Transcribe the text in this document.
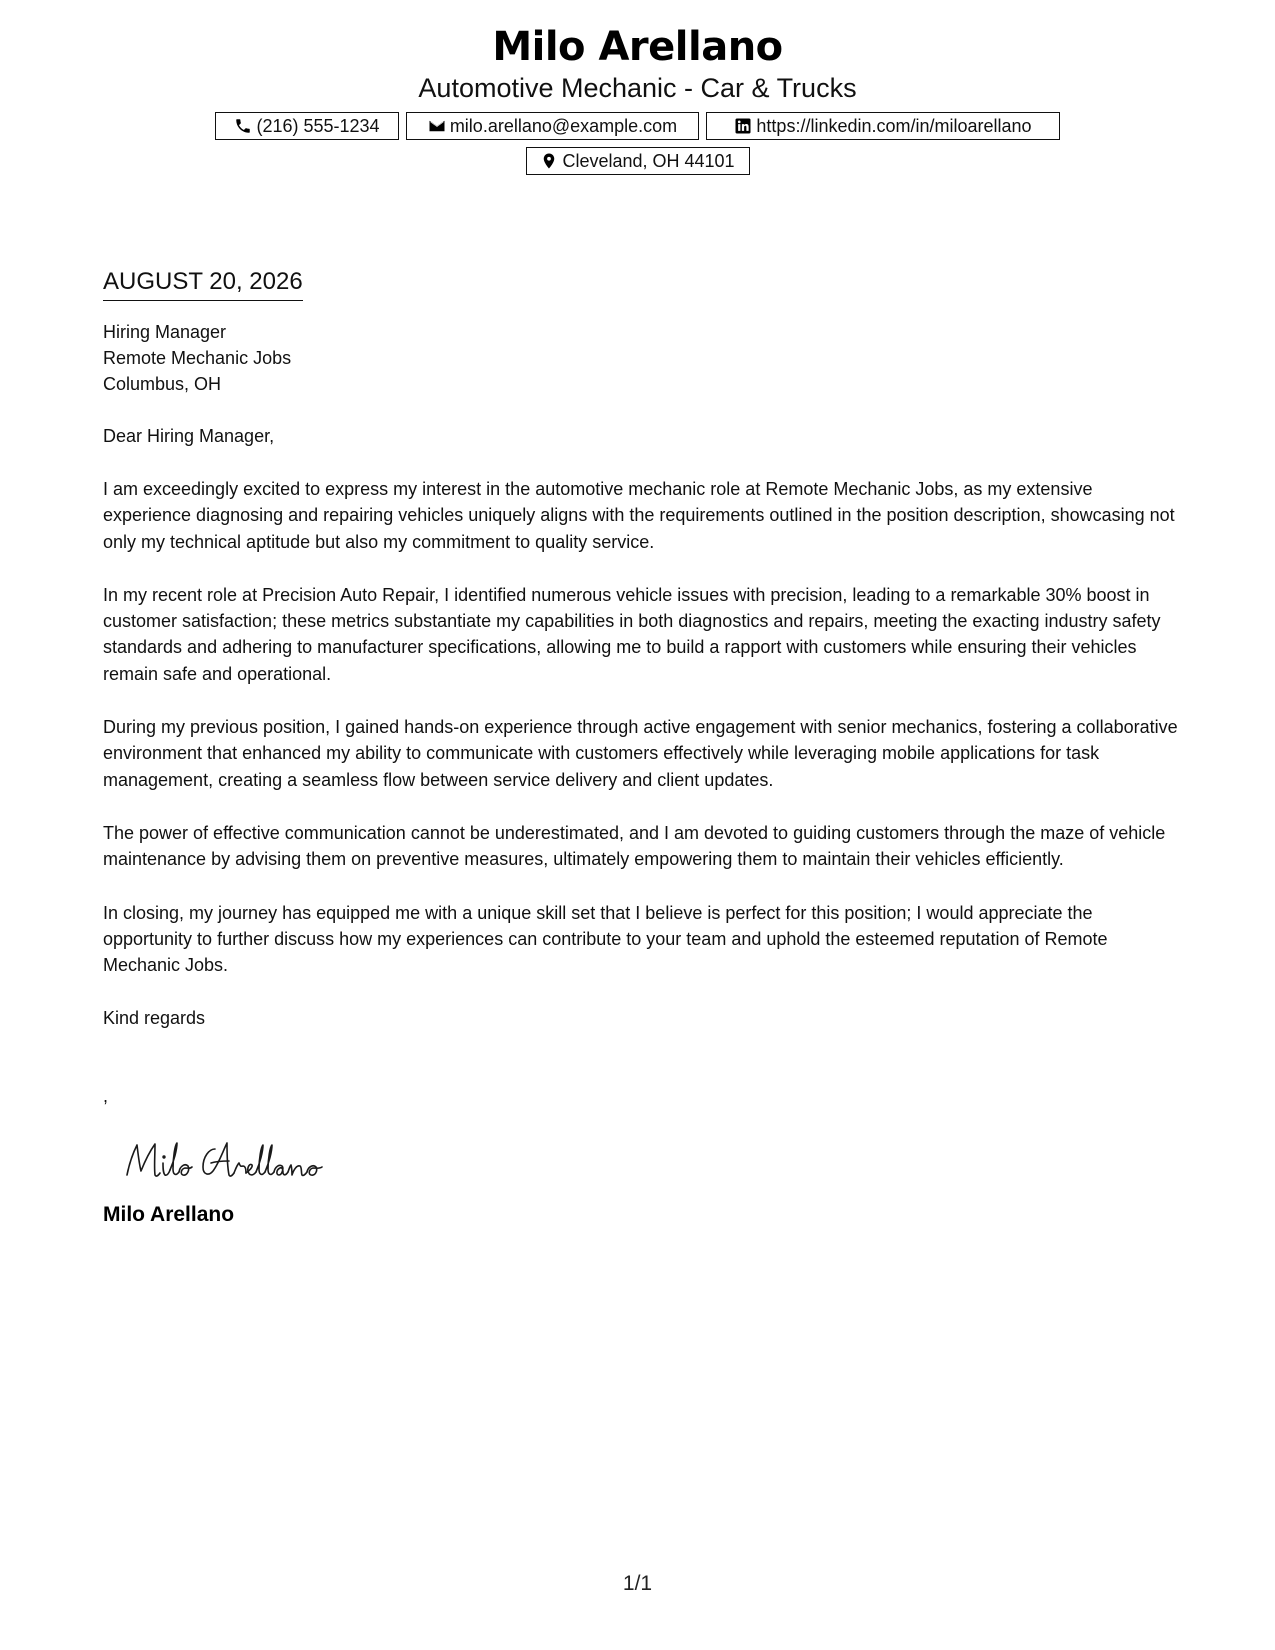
Milo Arellano
Automotive Mechanic - Car & Trucks
(216) 555-1234	milo.arellano@example.com	https://linkedin.com/in/miloarellano
Cleveland, OH 44101
AUGUST 20, 2026
Hiring Manager
Remote Mechanic Jobs
Columbus, OH
Dear Hiring Manager,
I am exceedingly excited to express my interest in the automotive mechanic role at Remote Mechanic Jobs, as my extensive experience diagnosing and repairing vehicles uniquely aligns with the requirements outlined in the position description, showcasing not only my technical aptitude but also my commitment to quality service.
In my recent role at Precision Auto Repair, I identified numerous vehicle issues with precision, leading to a remarkable 30% boost in customer satisfaction; these metrics substantiate my capabilities in both diagnostics and repairs, meeting the exacting industry safety standards and adhering to manufacturer specifications, allowing me to build a rapport with customers while ensuring their vehicles remain safe and operational.
During my previous position, I gained hands-on experience through active engagement with senior mechanics, fostering a collaborative environment that enhanced my ability to communicate with customers effectively while leveraging mobile applications for task management, creating a seamless flow between service delivery and client updates.
The power of effective communication cannot be underestimated, and I am devoted to guiding customers through the maze of vehicle maintenance by advising them on preventive measures, ultimately empowering them to maintain their vehicles efficiently.
In closing, my journey has equipped me with a unique skill set that I believe is perfect for this position; I would appreciate the opportunity to further discuss how my experiences can contribute to your team and uphold the esteemed reputation of Remote Mechanic Jobs.
Kind regards
,
Milo Arellano
1/1
